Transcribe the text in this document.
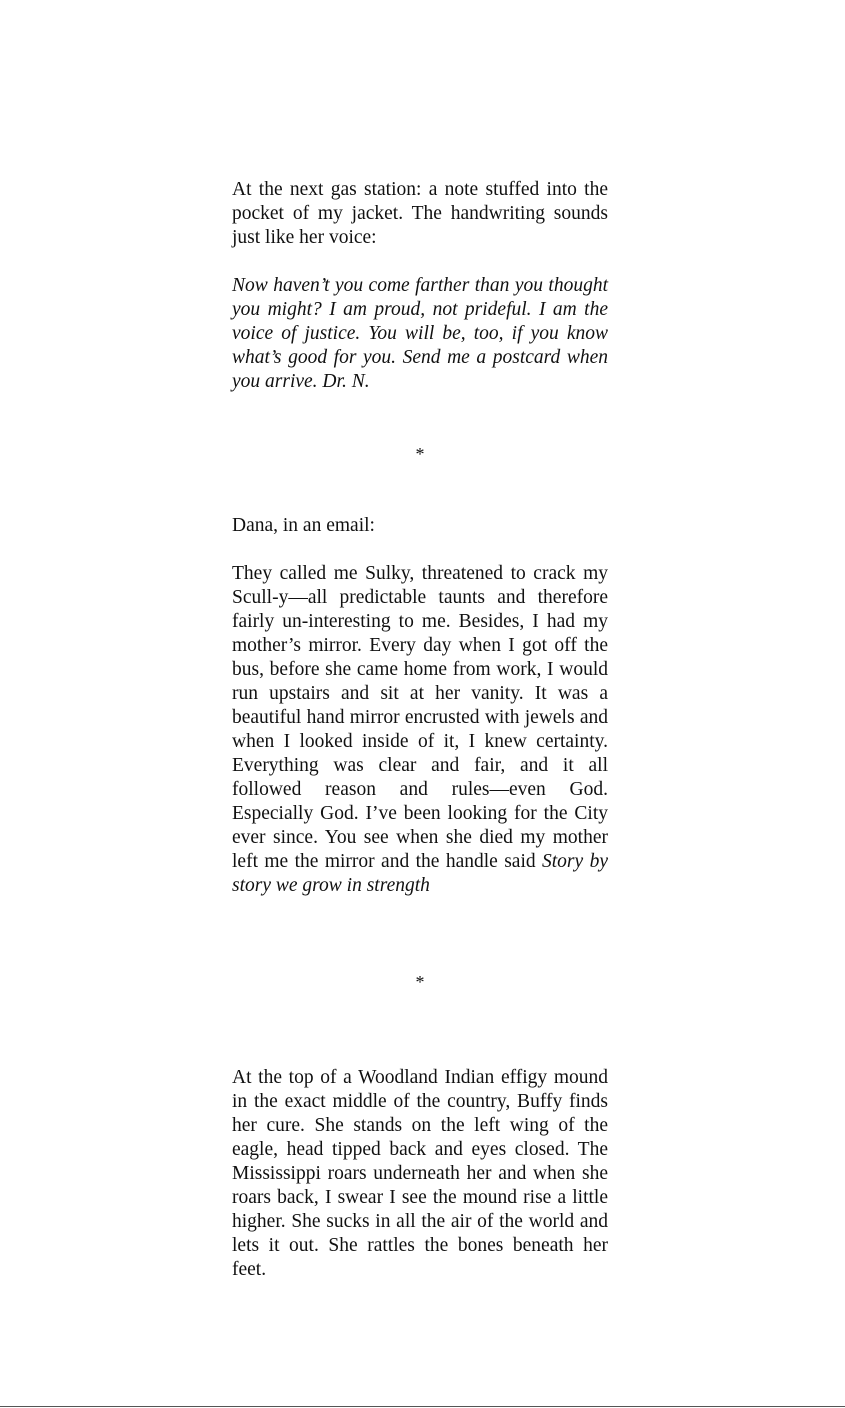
At the next gas station: a note stuffed into the pocket of my jacket. The handwriting sounds just like her voice:

Now haven’t you come farther than you thought you might? I am proud, not prideful. I am the voice of justice. You will be, too, if you know what’s good for you. Send me a postcard when you arrive. Dr. N.

*

Dana, in an email:

They called me Sulky, threatened to crack my Scull-y—all predictable taunts and therefore fairly un-interesting to me. Besides, I had my mother’s mirror. Every day when I got off the bus, before she came home from work, I would run upstairs and sit at her vanity. It was a beautiful hand mirror encrusted with jewels and when I looked inside of it, I knew certainty. Everything was clear and fair, and it all followed reason and rules—even God. Especially God. I’ve been looking for the City ever since. You see when she died my mother left me the mirror and the handle said Story by story we grow in strength

*

At the top of a Woodland Indian effigy mound in the exact middle of the country, Buffy finds her cure. She stands on the left wing of the eagle, head tipped back and eyes closed. The Mississippi roars underneath her and when she roars back, I swear I see the mound rise a little higher. She sucks in all the air of the world and lets it out. She rattles the bones beneath her feet.
